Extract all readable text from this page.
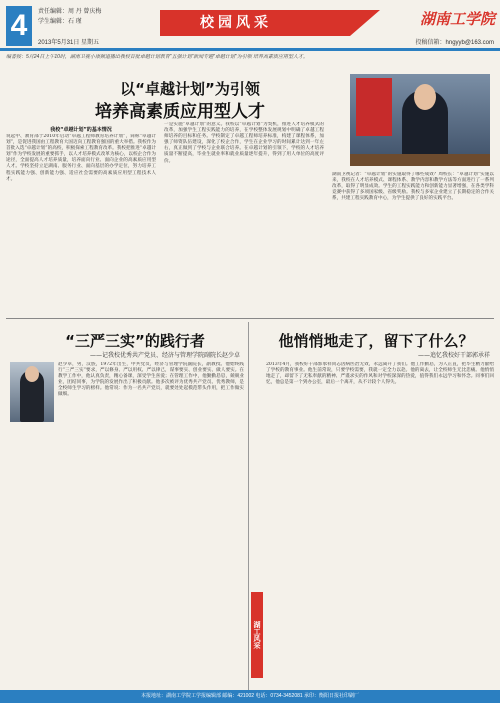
4	责任编辑：周 丹 曾庆梅
学生编辑：石 瑾	校园风采	湖南工学院
2013年5月31日 星期五	投稿信箱：hngyyb@163.com
编者按：5月24日上午10时，湖南卫视小康频道播出我校首批卓越计划教育“五强计划”新闻专题“卓越计划”为引领 培养高素质应用型人才。
以“卓越计划”为引领
培养高素质应用型人才
我校“卓越计划”的基本情况
说起中、教育部于2010年启动“卓越工程师教育培养计划”，简称“卓越计划”，是促进我国由工程教育大国迈向工程教育强国的重大举措。我校作为首批入选“卓越计划”的高校，积极探索工程教育改革。我校把推进“卓越计划”作为学校发展的重要抓手，以人才培养模式改革为核心，以校企合作为途径，全面提高人才培养质量，培养面向行业、面向企业的高素质应用型人才。学校坚持立足湖南、服务行业、面向基层的办学定位，努力培养工程实践能力强、创新能力强、适应社会需要的高素质应用型工程技术人才。
一是实施“卓越计划”的意义。我校以“卓越计划”为契机，推进人才培养模式的改革，加强学生工程实践能力的培养，在学校整体发展规划中明确了卓越工程师培养的目标和任务。学校制定了卓越工程师培养标准，构建了课程体系，加强了师资队伍建设，深化了校企合作，学生在企业学习的时间累计达到一年左右，真正做到了学校与企业联合培养。在卓越计划的引领下，学校的人才培养质量不断提高，毕业生就业率和就业质量逐年提升，得到了用人单位的高度评价。
湖南卫视记者：“卓越计划”的实施取得了哪些成效？周校长：“卓越计划”实施以来，我校在人才培养模式、课程体系、教学内容和教学方法等方面进行了一系列改革，取得了明显成效。学生的工程实践能力和创新能力显著增强，在各类学科竞赛中获得了多项国家级、省级奖励。我校与多家企业建立了长期稳定的合作关系，共建工程实践教育中心，为学生提供了良好的实践平台。
“三严三实”的践行者
——记我校优秀共产党员、经济与管理学院副院长赵少卓
赵少卓，男，汉族，1972年出生，中共党员，经济与管理学院副院长，副教授。他始终践行“三严三实”要求，严以修身、严以用权、严以律己，谋事要实、创业要实、做人要实。在教学工作中，他认真负责，精心备课，深受学生喜爱；在管理工作中，他勤勤恳恳，兢兢业业，团结同事，为学院的发展作出了积极贡献。他多次被评为优秀共产党员、优秀教师，是全校师生学习的榜样。他常说：作为一名共产党员，就要处处起模范带头作用，把工作做实做细。
他悄悄地走了，留下了什么？
——追忆我校好干部郭承祥
2013年4月，我校好干部郭承祥同志因病医治无效，永远离开了我们。他工作勤恳，为人正直，把毕生精力献给了学校的教育事业。他生前常说，只要学校需要，我就一定全力以赴。他的离去，让全校师生无比悲痛。他悄悄地走了，却留下了无私奉献的精神、严谨求实的作风和对学校深深的热爱，值得我们永远学习和怀念。同事们回忆，他总是第一个到办公室，最后一个离开，从不计较个人得失。
湖工风采
本报地址：湖南工学院工学报编辑部 邮编：421002 电话：0734-3452081 承印：衡阳日报社印刷厂
